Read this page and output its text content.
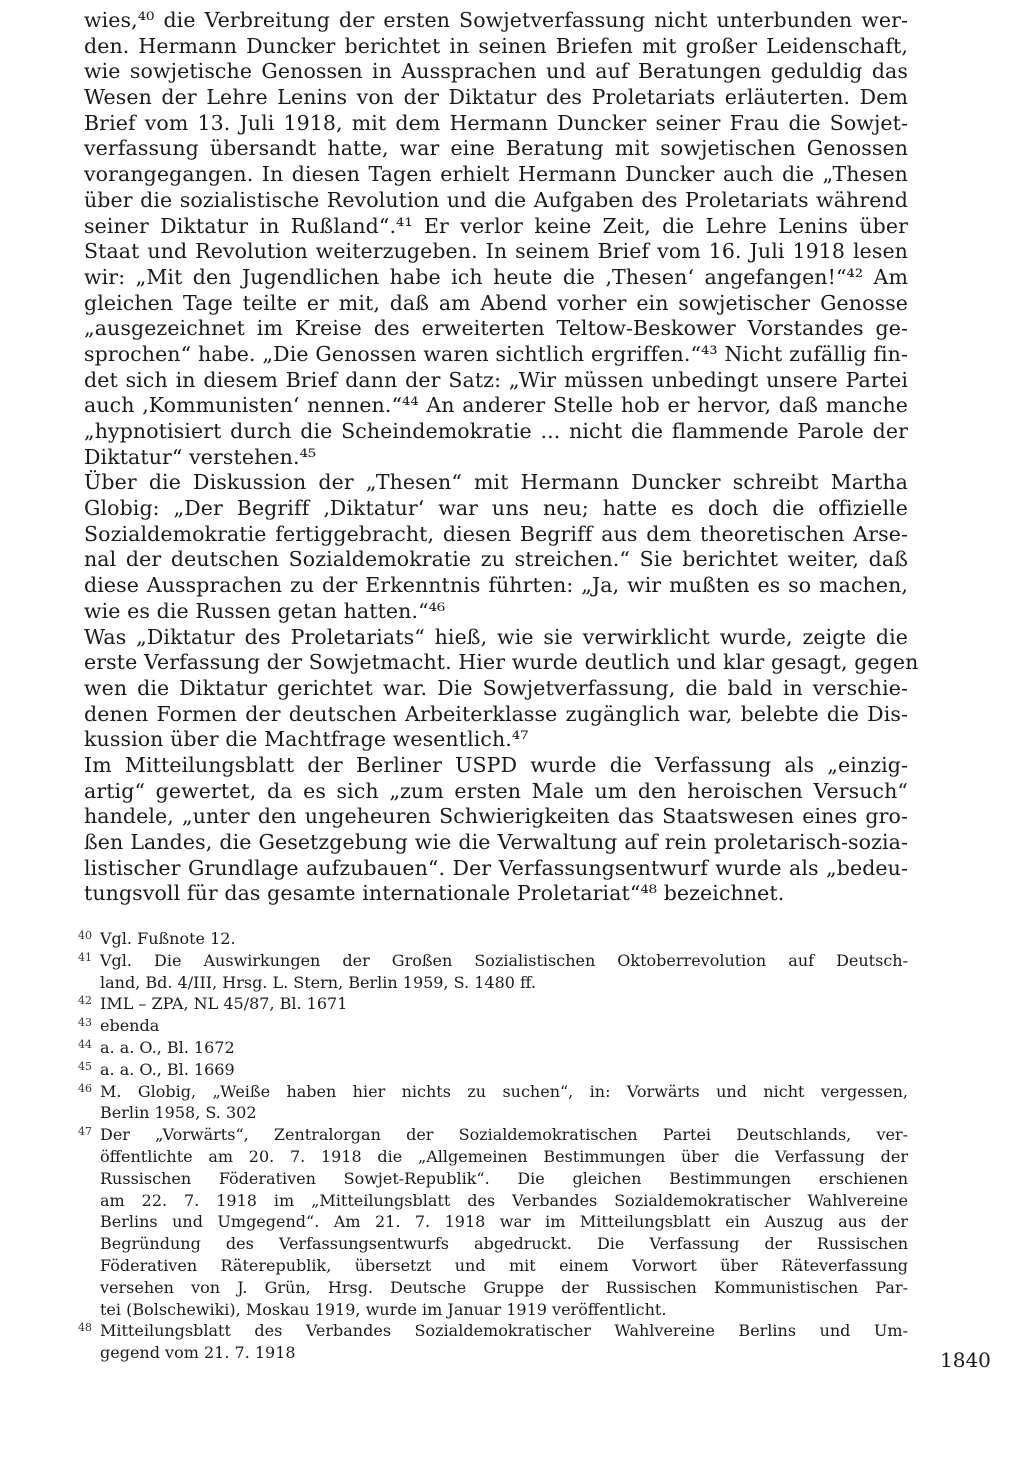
wies,⁴⁰ die Verbreitung der ersten Sowjetverfassung nicht unterbunden wer-
den. Hermann Duncker berichtet in seinen Briefen mit großer Leidenschaft,
wie sowjetische Genossen in Aussprachen und auf Beratungen geduldig das
Wesen der Lehre Lenins von der Diktatur des Proletariats erläuterten. Dem
Brief vom 13. Juli 1918, mit dem Hermann Duncker seiner Frau die Sowjet-
verfassung übersandt hatte, war eine Beratung mit sowjetischen Genossen
vorangegangen. In diesen Tagen erhielt Hermann Duncker auch die „Thesen
über die sozialistische Revolution und die Aufgaben des Proletariats während
seiner Diktatur in Rußland“.⁴¹ Er verlor keine Zeit, die Lehre Lenins über
Staat und Revolution weiterzugeben. In seinem Brief vom 16. Juli 1918 lesen
wir: „Mit den Jugendlichen habe ich heute die ‚Thesen‘ angefangen!“⁴² Am
gleichen Tage teilte er mit, daß am Abend vorher ein sowjetischer Genosse
„ausgezeichnet im Kreise des erweiterten Teltow-Beskower Vorstandes ge-
sprochen“ habe. „Die Genossen waren sichtlich ergriffen.“⁴³ Nicht zufällig fin-
det sich in diesem Brief dann der Satz: „Wir müssen unbedingt unsere Partei
auch ‚Kommunisten‘ nennen.“⁴⁴ An anderer Stelle hob er hervor, daß manche
„hypnotisiert durch die Scheindemokratie ... nicht die flammende Parole der
Diktatur“ verstehen.⁴⁵
Über die Diskussion der „Thesen“ mit Hermann Duncker schreibt Martha
Globig: „Der Begriff ‚Diktatur‘ war uns neu; hatte es doch die offizielle
Sozialdemokratie fertiggebracht, diesen Begriff aus dem theoretischen Arse-
nal der deutschen Sozialdemokratie zu streichen.“ Sie berichtet weiter, daß
diese Aussprachen zu der Erkenntnis führten: „Ja, wir mußten es so machen,
wie es die Russen getan hatten.“⁴⁶
Was „Diktatur des Proletariats“ hieß, wie sie verwirklicht wurde, zeigte die
erste Verfassung der Sowjetmacht. Hier wurde deutlich und klar gesagt, gegen
wen die Diktatur gerichtet war. Die Sowjetverfassung, die bald in verschie-
denen Formen der deutschen Arbeiterklasse zugänglich war, belebte die Dis-
kussion über die Machtfrage wesentlich.⁴⁷
Im Mitteilungsblatt der Berliner USPD wurde die Verfassung als „einzig-
artig“ gewertet, da es sich „zum ersten Male um den heroischen Versuch“
handele, „unter den ungeheuren Schwierigkeiten das Staatswesen eines gro-
ßen Landes, die Gesetzgebung wie die Verwaltung auf rein proletarisch-sozia-
listischer Grundlage aufzubauen“. Der Verfassungsentwurf wurde als „bedeu-
tungsvoll für das gesamte internationale Proletariat“⁴⁸ bezeichnet.
40 Vgl. Fußnote 12.
41 Vgl. Die Auswirkungen der Großen Sozialistischen Oktoberrevolution auf Deutsch-
land, Bd. 4/III, Hrsg. L. Stern, Berlin 1959, S. 1480 ff.
42 IML – ZPA, NL 45/87, Bl. 1671
43 ebenda
44 a. a. O., Bl. 1672
45 a. a. O., Bl. 1669
46 M. Globig, „Weiße haben hier nichts zu suchen“, in: Vorwärts und nicht vergessen,
Berlin 1958, S. 302
47 Der „Vorwärts“, Zentralorgan der Sozialdemokratischen Partei Deutschlands, ver-
öffentlichte am 20. 7. 1918 die „Allgemeinen Bestimmungen über die Verfassung der
Russischen Föderativen Sowjet-Republik“. Die gleichen Bestimmungen erschienen
am 22. 7. 1918 im „Mitteilungsblatt des Verbandes Sozialdemokratischer Wahlvereine
Berlins und Umgegend“. Am 21. 7. 1918 war im Mitteilungsblatt ein Auszug aus der
Begründung des Verfassungsentwurfs abgedruckt. Die Verfassung der Russischen
Föderativen Räterepublik, übersetzt und mit einem Vorwort über Räteverfassung
versehen von J. Grün, Hrsg. Deutsche Gruppe der Russischen Kommunistischen Par-
tei (Bolschewiki), Moskau 1919, wurde im Januar 1919 veröffentlicht.
48 Mitteilungsblatt des Verbandes Sozialdemokratischer Wahlvereine Berlins und Um-
gegend vom 21. 7. 1918	1840
